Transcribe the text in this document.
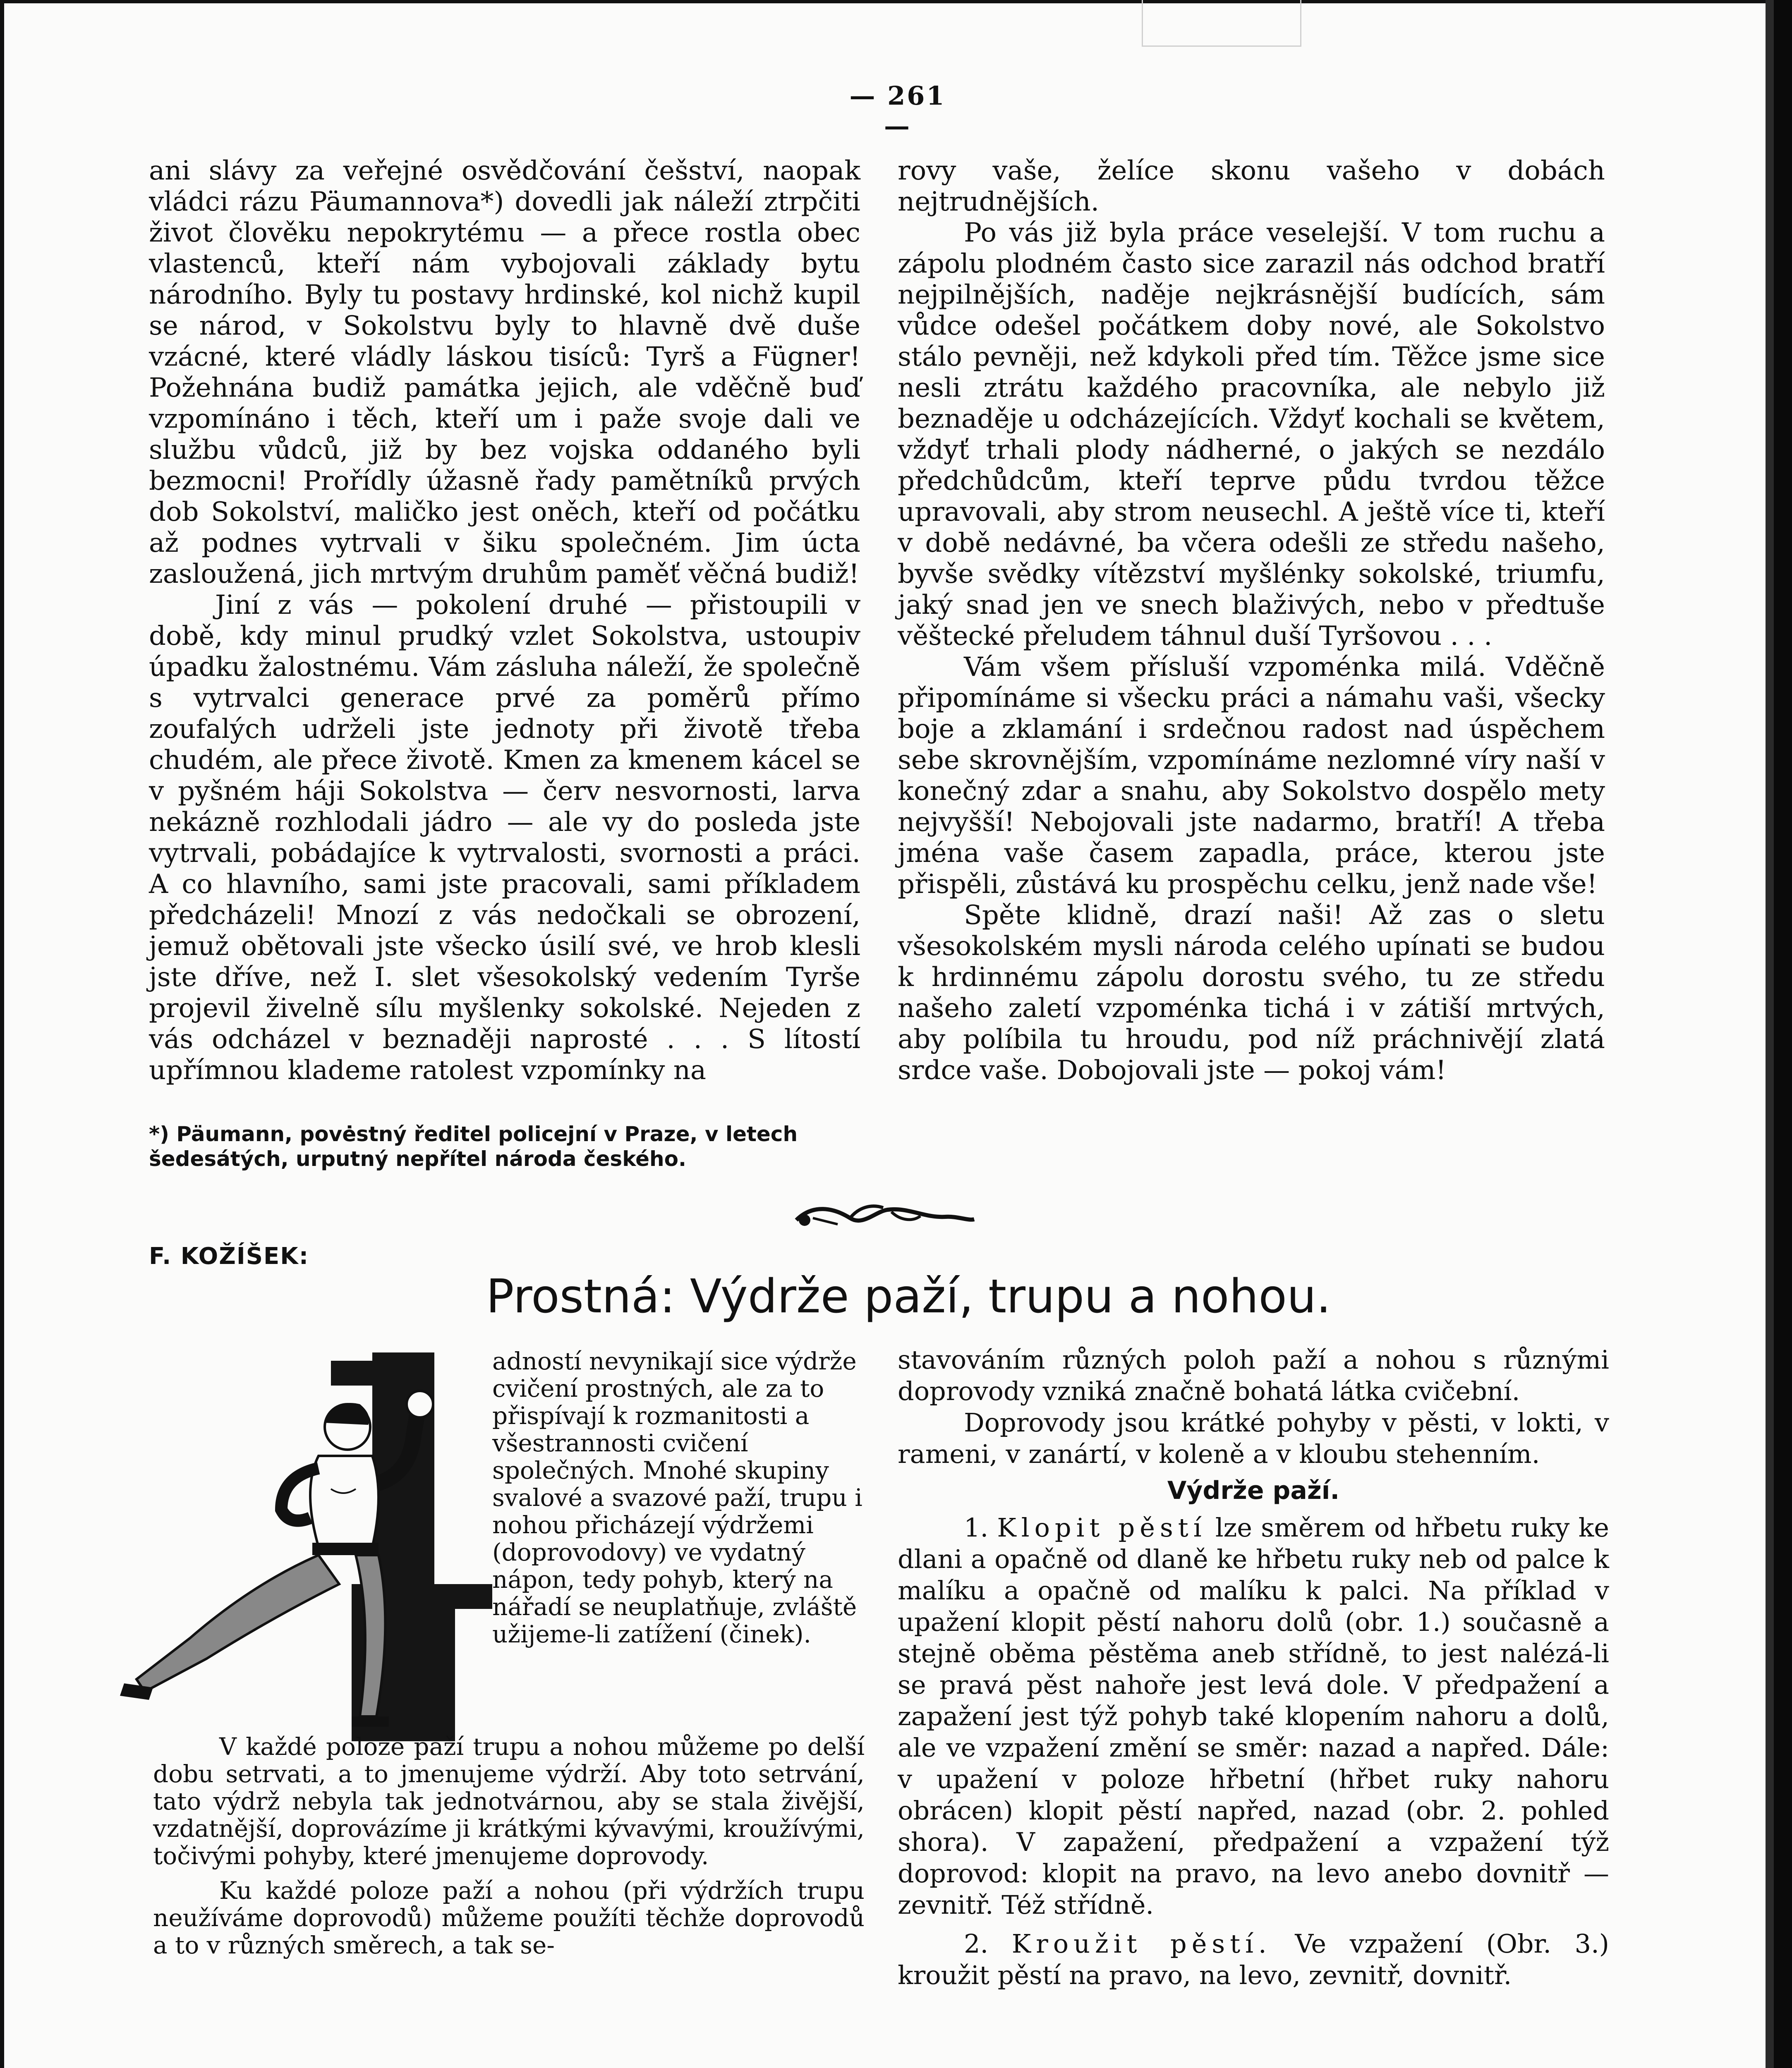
— 261 —

ani slávy za veřejné osvědčování češství, naopak vládci rázu Päumannova*) dovedli jak náleží ztrpčiti život člověku nepokrytému — a přece rostla obec vlastenců, kteří nám vybojovali základy bytu národního. Byly tu postavy hrdinské, kol nichž kupil se národ, v Sokolstvu byly to hlavně dvě duše vzácné, které vládly láskou tisíců: Tyrš a Fügner! Požehnána budiž památka jejich, ale vděčně buď vzpomínáno i těch, kteří um i paže svoje dali ve službu vůdců, již by bez vojska oddaného byli bezmocni! Prořídly úžasně řady pamětníků prvých dob Sokolství, maličko jest oněch, kteří od počátku až podnes vytrvali v šiku společném. Jim úcta zasloužená, jich mrtvým druhům paměť věčná budiž!

Jiní z vás — pokolení druhé — přistoupili v době, kdy minul prudký vzlet Sokolstva, ustoupiv úpadku žalostnému. Vám zásluha náleží, že společně s vytrvalci generace prvé za poměrů přímo zoufalých udrželi jste jednoty při životě třeba chudém, ale přece životě. Kmen za kmenem kácel se v pyšném háji Sokolstva — červ nesvornosti, larva nekázně rozhlodali jádro — ale vy do posleda jste vytrvali, pobádajíce k vytrvalosti, svornosti a práci. A co hlavního, sami jste pracovali, sami příkladem předcházeli! Mnozí z vás nedočkali se obrození, jemuž obětovali jste všecko úsilí své, ve hrob klesli jste dříve, než I. slet všesokolský vedením Tyrše projevil živelně sílu myšlenky sokolské. Nejeden z vás odcházel v beznaději naprosté . . . S lítostí upřímnou klademe ratolest vzpomínky na

*) Päumann, povėstný ředitel policejní v Praze, v letech
šedesátých, urputný nepřítel národa českého.

rovy vaše, želíce skonu vašeho v dobách nejtrudnějších.

Po vás již byla práce veselejší. V tom ruchu a zápolu plodném často sice zarazil nás odchod bratří nejpilnějších, naděje nejkrásnější budících, sám vůdce odešel počátkem doby nové, ale Sokolstvo stálo pevněji, než kdykoli před tím. Těžce jsme sice nesli ztrátu každého pracovníka, ale nebylo již beznaděje u odcházejících. Vždyť kochali se květem, vždyť trhali plody nádherné, o jakých se nezdálo předchůdcům, kteří teprve půdu tvrdou těžce upravovali, aby strom neusechl. A ještě více ti, kteří v době nedávné, ba včera odešli ze středu našeho, byvše svědky vítězství myšlénky sokolské, triumfu, jaký snad jen ve snech blaživých, nebo v předtuše věštecké přeludem táhnul duší Tyršovou . . .

Vám všem přísluší vzpoménka milá. Vděčně připomínáme si všecku práci a námahu vaši, všecky boje a zklamání i srdečnou radost nad úspěchem sebe skrovnějším, vzpomínáme nezlomné víry naší v konečný zdar a snahu, aby Sokolstvo dospělo mety nejvyšší! Nebojovali jste nadarmo, bratří! A třeba jména vaše časem zapadla, práce, kterou jste přispěli, zůstává ku prospěchu celku, jenž nade vše!

Spěte klidně, drazí naši! Až zas o sletu všesokolském mysli národa celého upínati se budou k hrdinnému zápolu dorostu svého, tu ze středu našeho zaletí vzpoménka tichá i v zátiší mrtvých, aby políbila tu hroudu, pod níž práchnivějí zlatá srdce vaše. Dobojovali jste — pokoj vám!

F. KOŽÍŠEK:
Prostná: Výdrže paží, trupu a nohou.

adností nevynikají sice výdrže cvičení prostných, ale za to přispívají k rozmanitosti a všestrannosti cvičení společných. Mnohé skupiny svalové a svazové paží, trupu i nohou přicházejí výdržemi (doprovodovy) ve vydatný nápon, tedy pohyb, který na nářadí se neuplatňuje, zvláště užijeme-li zatížení (činek).

V každé poloze paží trupu a nohou můžeme po delší dobu setrvati, a to jmenujeme výdrží. Aby toto setrvání, tato výdrž nebyla tak jednotvárnou, aby se stala živější, vzdatnější, doprovázíme ji krátkými kývavými, kroužívými, točivými pohyby, které jmenujeme doprovody.

Ku každé poloze paží a nohou (při výdržích trupu neužíváme doprovodů) můžeme použíti těchže doprovodů a to v různých směrech, a tak se-

stavováním různých poloh paží a nohou s různými doprovody vzniká značně bohatá látka cvičební.

Doprovody jsou krátké pohyby v pěsti, v lokti, v rameni, v zanártí, v koleně a v kloubu stehenním.

Výdrže paží.

1. Klopit pěstí lze směrem od hřbetu ruky ke dlani a opačně od dlaně ke hřbetu ruky neb od palce k malíku a opačně od malíku k palci. Na příklad v upažení klopit pěstí nahoru dolů (obr. 1.) současně a stejně oběma pěstěma aneb střídně, to jest nalézá-li se pravá pěst nahoře jest levá dole. V předpažení a zapažení jest týž pohyb také klopením nahoru a dolů, ale ve vzpažení změní se směr: nazad a napřed. Dále: v upažení v poloze hřbetní (hřbet ruky nahoru obrácen) klopit pěstí napřed, nazad (obr. 2. pohled shora). V zapažení, předpažení a vzpažení týž doprovod: klopit na pravo, na levo anebo dovnitř — zevnitř. Též střídně.

2. Kroužit pěstí. Ve vzpažení (Obr. 3.) kroužit pěstí na pravo, na levo, zevnitř, dovnitř.
